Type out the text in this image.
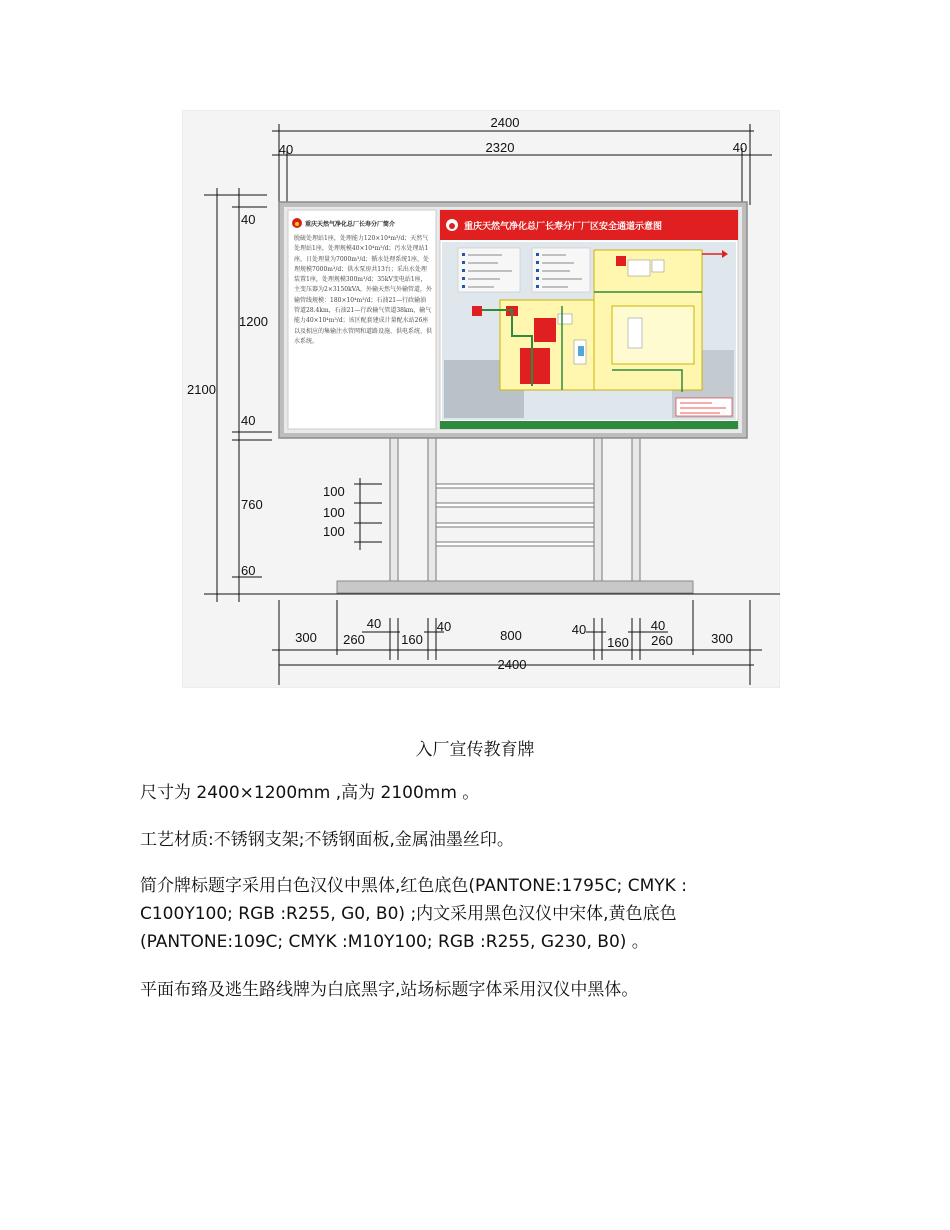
2400
2320
40	40
2100
40
1200
40
760
60
100
100
100
重庆天然气净化总厂长寿分厂简介
脱硫处理站1座，处理能力120×10⁴m³/d；天然气处理站1座，处理规模40×10⁴m³/d；污水处理站1座，日处理量为7000m³/d；循水处理系统1座，处理规模7000m³/d；供水泵房共13台；采出水处理装置1座，处理规模300m³/d；35kV变电站1座，主变压器为2×3150kVA，外输天然气外输管道，外输管线规模：180×10⁴m³/d；石油21—行政输油管道28.4km，石油21—行政输气管道38km，输气能力40×10⁴m³/d；该区配套建成计量配水站26座以及相应的集输注水管网和道路设施、供电系统、供水系统。
重庆天然气净化总厂长寿分厂厂区安全通道示意图
300 260
40
160
40
800	40
160
40
260	300
2400
入厂宣传教育牌

尺寸为 2400×1200mm ,高为 2100mm 。

工艺材质:不锈钢支架;不锈钢面板,金属油墨丝印。

简介牌标题字采用白色汉仪中黑体,红色底色(PANTONE:1795C; CMYK : C100Y100; RGB :R255, G0, B0) ;内文采用黑色汉仪中宋体,黄色底色 (PANTONE:109C; CMYK :M10Y100; RGB :R255, G230, B0) 。

平面布臵及逃生路线牌为白底黑字,站场标题字体采用汉仪中黑体。
